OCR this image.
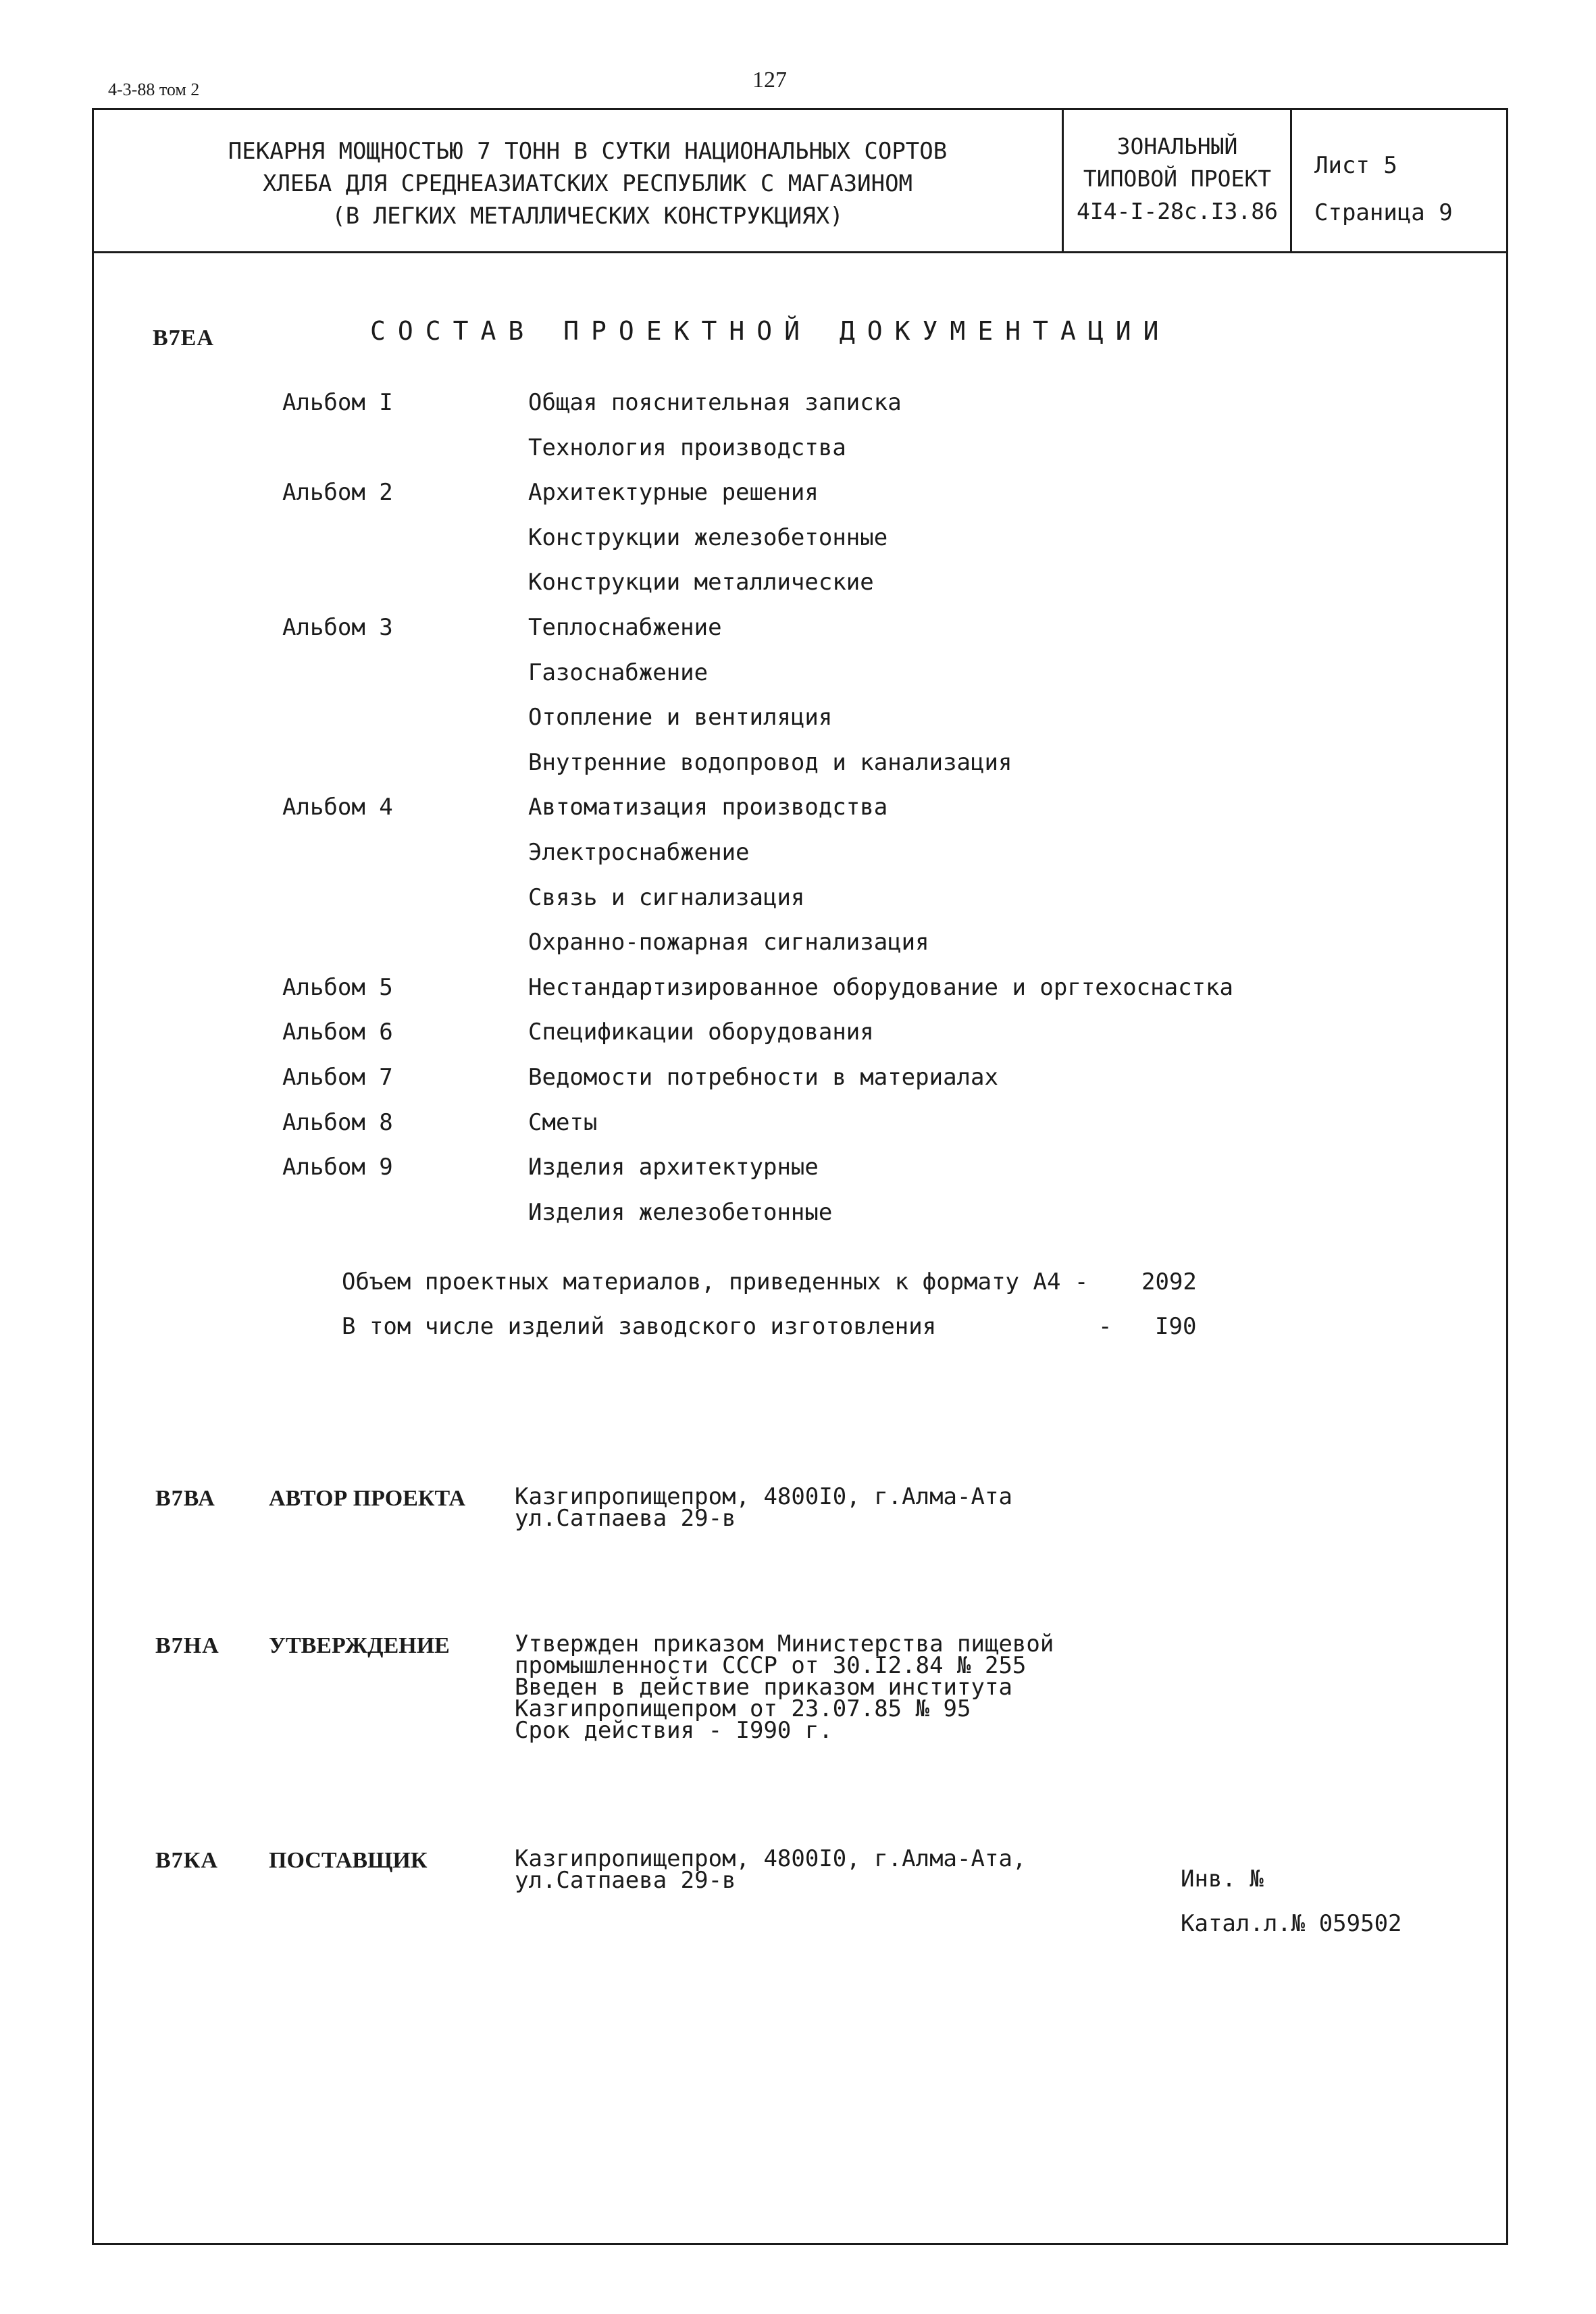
4-3-88 том 2	127
ПЕКАРНЯ МОЩНОСТЬЮ 7 ТОНН В СУТКИ НАЦИОНАЛЬНЫХ СОРТОВ
ХЛЕБА ДЛЯ СРЕДНЕАЗИАТСКИХ РЕСПУБЛИК С МАГАЗИНОМ
(В ЛЕГКИХ МЕТАЛЛИЧЕСКИХ КОНСТРУКЦИЯХ)
ЗОНАЛЬНЫЙ
ТИПОВОЙ ПРОЕКТ
4I4-I-28с.I3.86
Лист 5
Страница 9
В7ЕА	СОСТАВ ПРОЕКТНОЙ ДОКУМЕНТАЦИИ
Альбом I	Общая пояснительная записка
Технология производства
Альбом 2	Архитектурные решения
Конструкции железобетонные
Конструкции металлические
Альбом 3	Теплоснабжение
Газоснабжение
Отопление и вентиляция
Внутренние водопровод и канализация
Альбом 4	Автоматизация производства
Электроснабжение
Связь и сигнализация
Охранно-пожарная сигнализация
Альбом 5	Нестандартизированное оборудование и оргтехоснастка
Альбом 6	Спецификации оборудования
Альбом 7	Ведомости потребности в материалах
Альбом 8	Сметы
Альбом 9	Изделия архитектурные
Изделия железобетонные
Объем проектных материалов, приведенных к формату А4 - 2092
В том числе изделий заводского изготовления	- I90
В7ВА АВТОР ПРОЕКТА Казгипропищепром, 4800I0, г.Алма-Ата
ул.Сатпаева 29-в
В7НА УТВЕРЖДЕНИЕ	Утвержден приказом Министерства пищевой
промышленности СССР от 30.I2.84 № 255
Введен в действие приказом института
Казгипропищепром от 23.07.85 № 95
Срок действия - I990 г.
В7КА ПОСТАВЩИК	Казгипропищепром, 4800I0, г.Алма-Ата,
ул.Сатпаева 29-в	Инв. №
Катал.л.№ 059502
